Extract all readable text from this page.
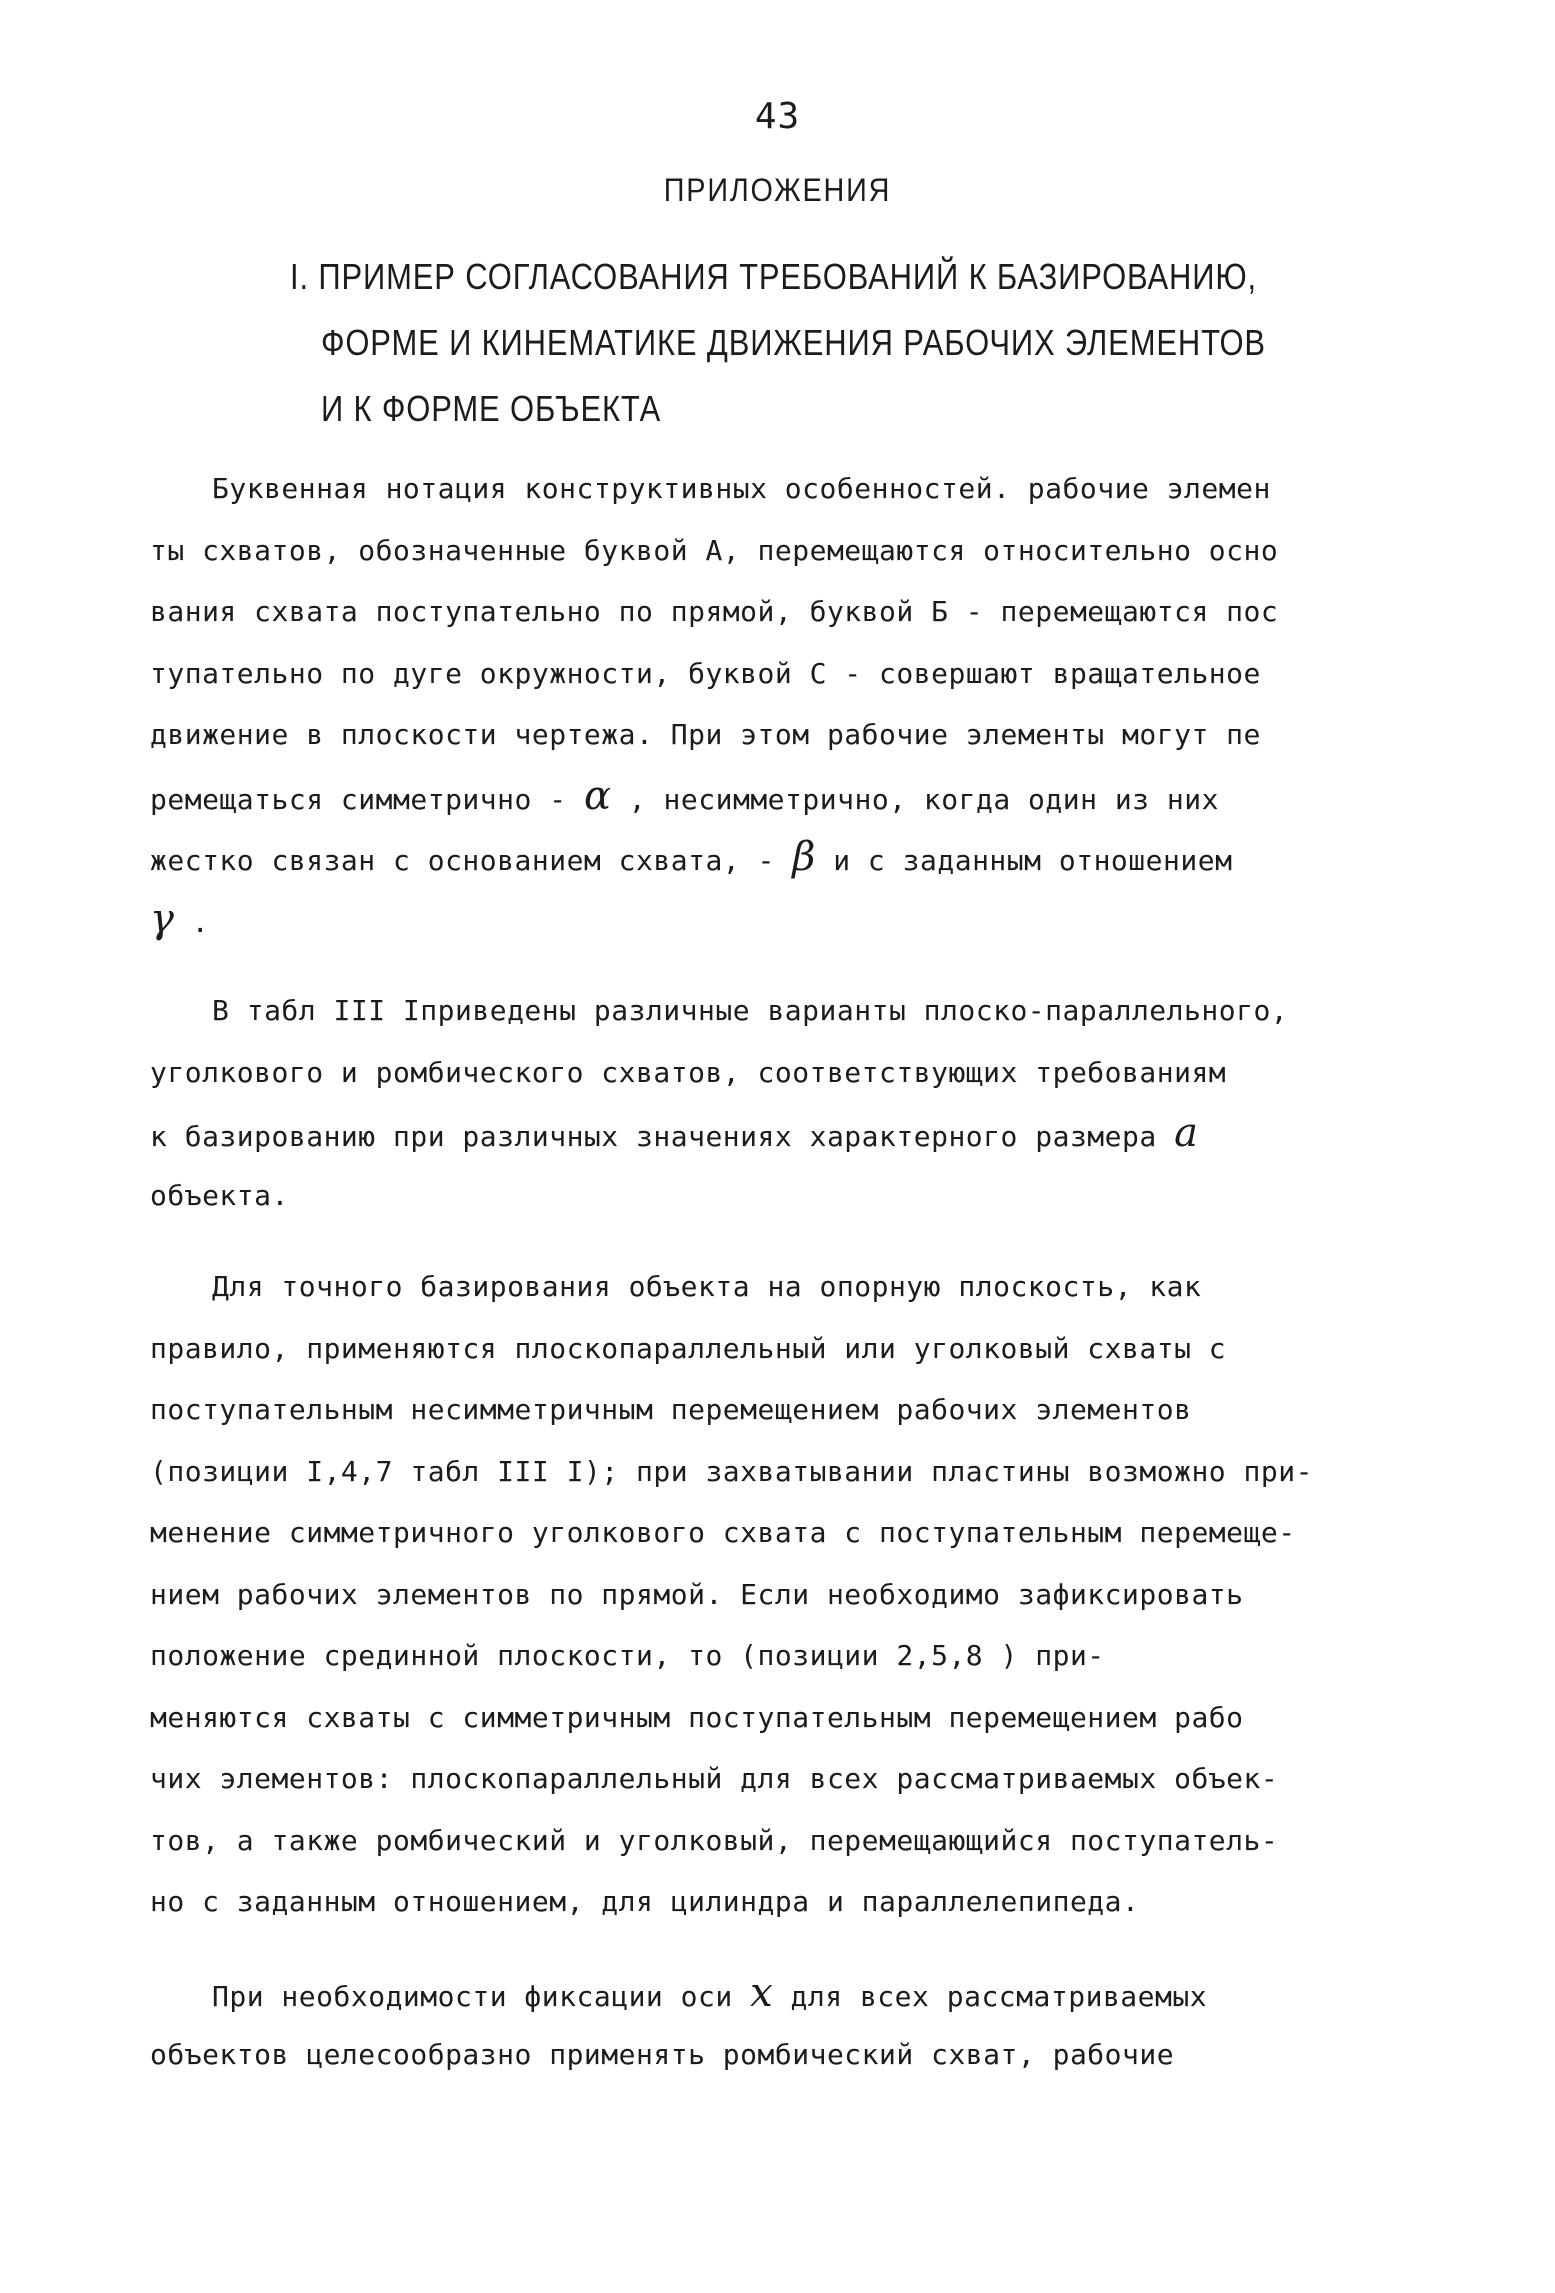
43
ПРИЛОЖЕНИЯ
I. ПРИМЕР СОГЛАСОВАНИЯ ТРЕБОВАНИЙ К БАЗИРОВАНИЮ,
ФОРМЕ И КИНЕМАТИКЕ ДВИЖЕНИЯ РАБОЧИХ ЭЛЕМЕНТОВ
И К ФОРМЕ ОБЪЕКТА
Буквенная нотация конструктивных особенностей. рабочие элемен
ты схватов, обозначенные буквой А, перемещаются относительно осно
вания схвата поступательно по прямой, буквой Б - перемещаются пос
тупательно по дуге окружности, буквой С - совершают вращательное
движение в плоскости чертежа. При этом рабочие элементы могут пе
ремещаться симметрично - α , несимметрично, когда один из них
жестко связан с основанием схвата, - β и с заданным отношением
γ .
В табл III Iприведены различные варианты плоско-параллельного,
уголкового и ромбического схватов, соответствующих требованиям
к базированию при различных значениях характерного размера a
объекта.
Для точного базирования объекта на опорную плоскость, как
правило, применяются плоскопараллельный или уголковый схваты с
поступательным несимметричным перемещением рабочих элементов
(позиции I,4,7 табл III I); при захватывании пластины возможно при-
менение симметричного уголкового схвата с поступательным перемеще-
нием рабочих элементов по прямой. Если необходимо зафиксировать
положение срединной плоскости, то (позиции 2,5,8 ) при-
меняются схваты с симметричным поступательным перемещением рабо
чих элементов: плоскопараллельный для всех рассматриваемых объек-
тов, а также ромбический и уголковый, перемещающийся поступатель-
но с заданным отношением, для цилиндра и параллелепипеда.
При необходимости фиксации оси x для всех рассматриваемых
объектов целесообразно применять ромбический схват, рабочие
